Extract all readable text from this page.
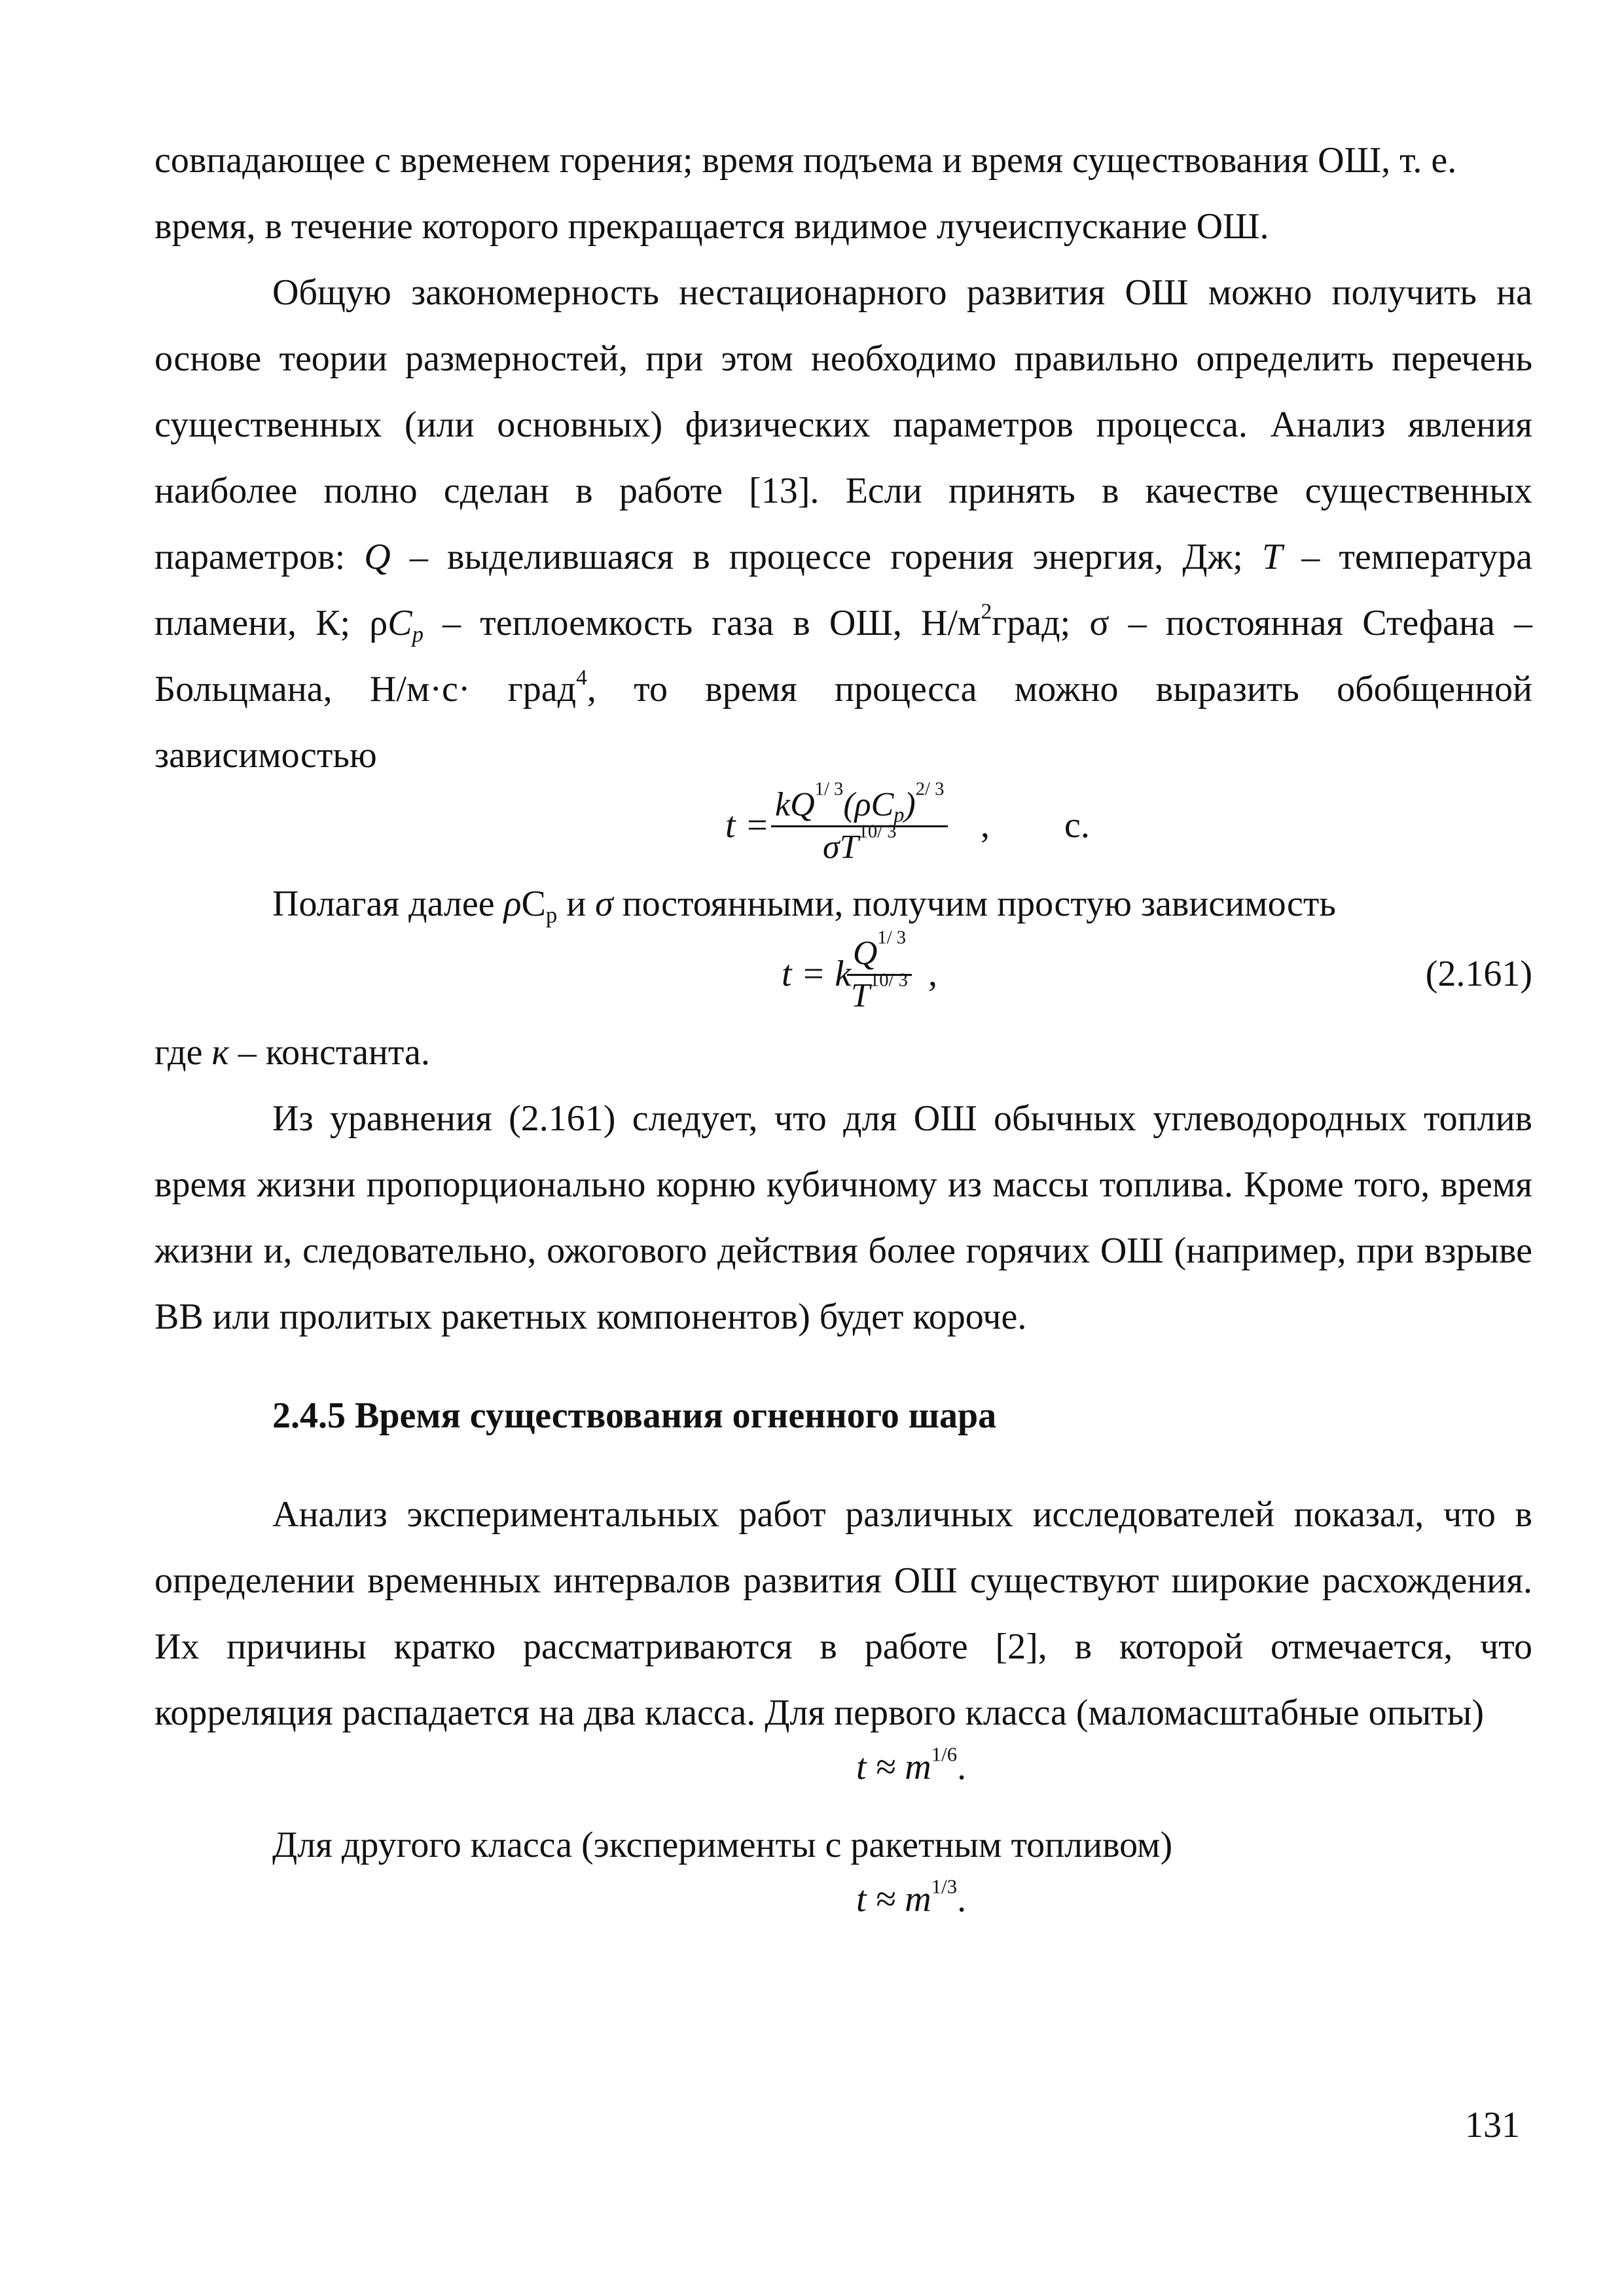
совпадающее с временем горения; время подъема и время существования ОШ, т. е. время, в течение которого прекращается видимое лучеиспускание ОШ.

Общую закономерность нестационарного развития ОШ можно получить на основе теории размерностей, при этом необходимо правильно определить перечень существенных (или основных) физических параметров процесса. Анализ явления наиболее полно сделан в работе [13]. Если принять в качестве существенных параметров: Q – выделившаяся в процессе горения энергия, Дж; T – температура пламени, К; $\rho C_p$ – теплоемкость газа в ОШ, $Н/м^2град$; σ – постоянная Стефана – Больцмана, Н/м·с· град$^4$, то время процесса можно выразить обобщенной зависимостью

t =
$kQ^{1/ 3}(\rho C_p)^{2/ 3}$
$\sigma T^{10/ 3}$	, с.

Полагая далее $\rho C_p$ и σ постоянными, получим простую зависимость

t = k
$\frac{Q^{1/ 3}}{T^{10/ 3}}$ ,	(2.161)

где к – константа.

Из уравнения (2.161) следует, что для ОШ обычных углеводородных топлив время жизни пропорционально корню кубичному из массы топлива. Кроме того, время жизни и, следовательно, ожогового действия более горячих ОШ (например, при взрыве ВВ или пролитых ракетных компонентов) будет короче.

2.4.5 Время существования огненного шара

Анализ экспериментальных работ различных исследователей показал, что в определении временных интервалов развития ОШ существуют широкие расхождения. Их причины кратко рассматриваются в работе [2], в которой отмечается, что корреляция распадается на два класса. Для первого класса (маломасштабные опыты)

$t \approx m^{1/6}$.

Для другого класса (эксперименты с ракетным топливом)

$t \approx m^{1/3}$.
131
